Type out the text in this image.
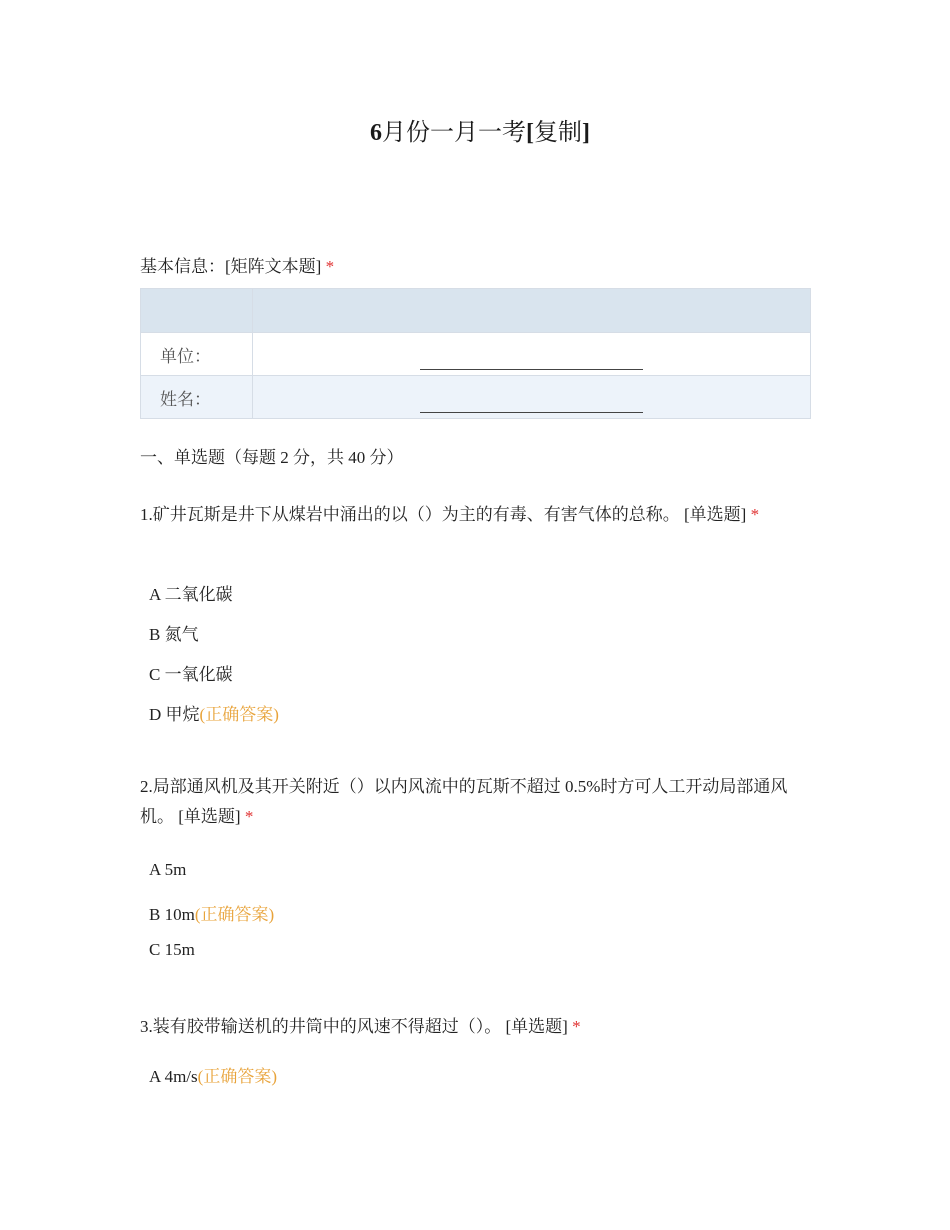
6月份一月一考[复制]
基本信息：[矩阵文本题] *

单位：	

姓名：	
一、单选题（每题 2 分，共 40 分）
1.矿井瓦斯是井下从煤岩中涌出的以（）为主的有毒、有害气体的总称。 [单选题] *
A 二氧化碳
B 氮气
C 一氧化碳
D 甲烷(正确答案)
2.局部通风机及其开关附近（）以内风流中的瓦斯不超过 0.5%时方可人工开动局部通风机。 [单选题] *
A 5m
B 10m(正确答案)
C 15m
3.装有胶带输送机的井筒中的风速不得超过（）。 [单选题] *
A 4m/s(正确答案)
